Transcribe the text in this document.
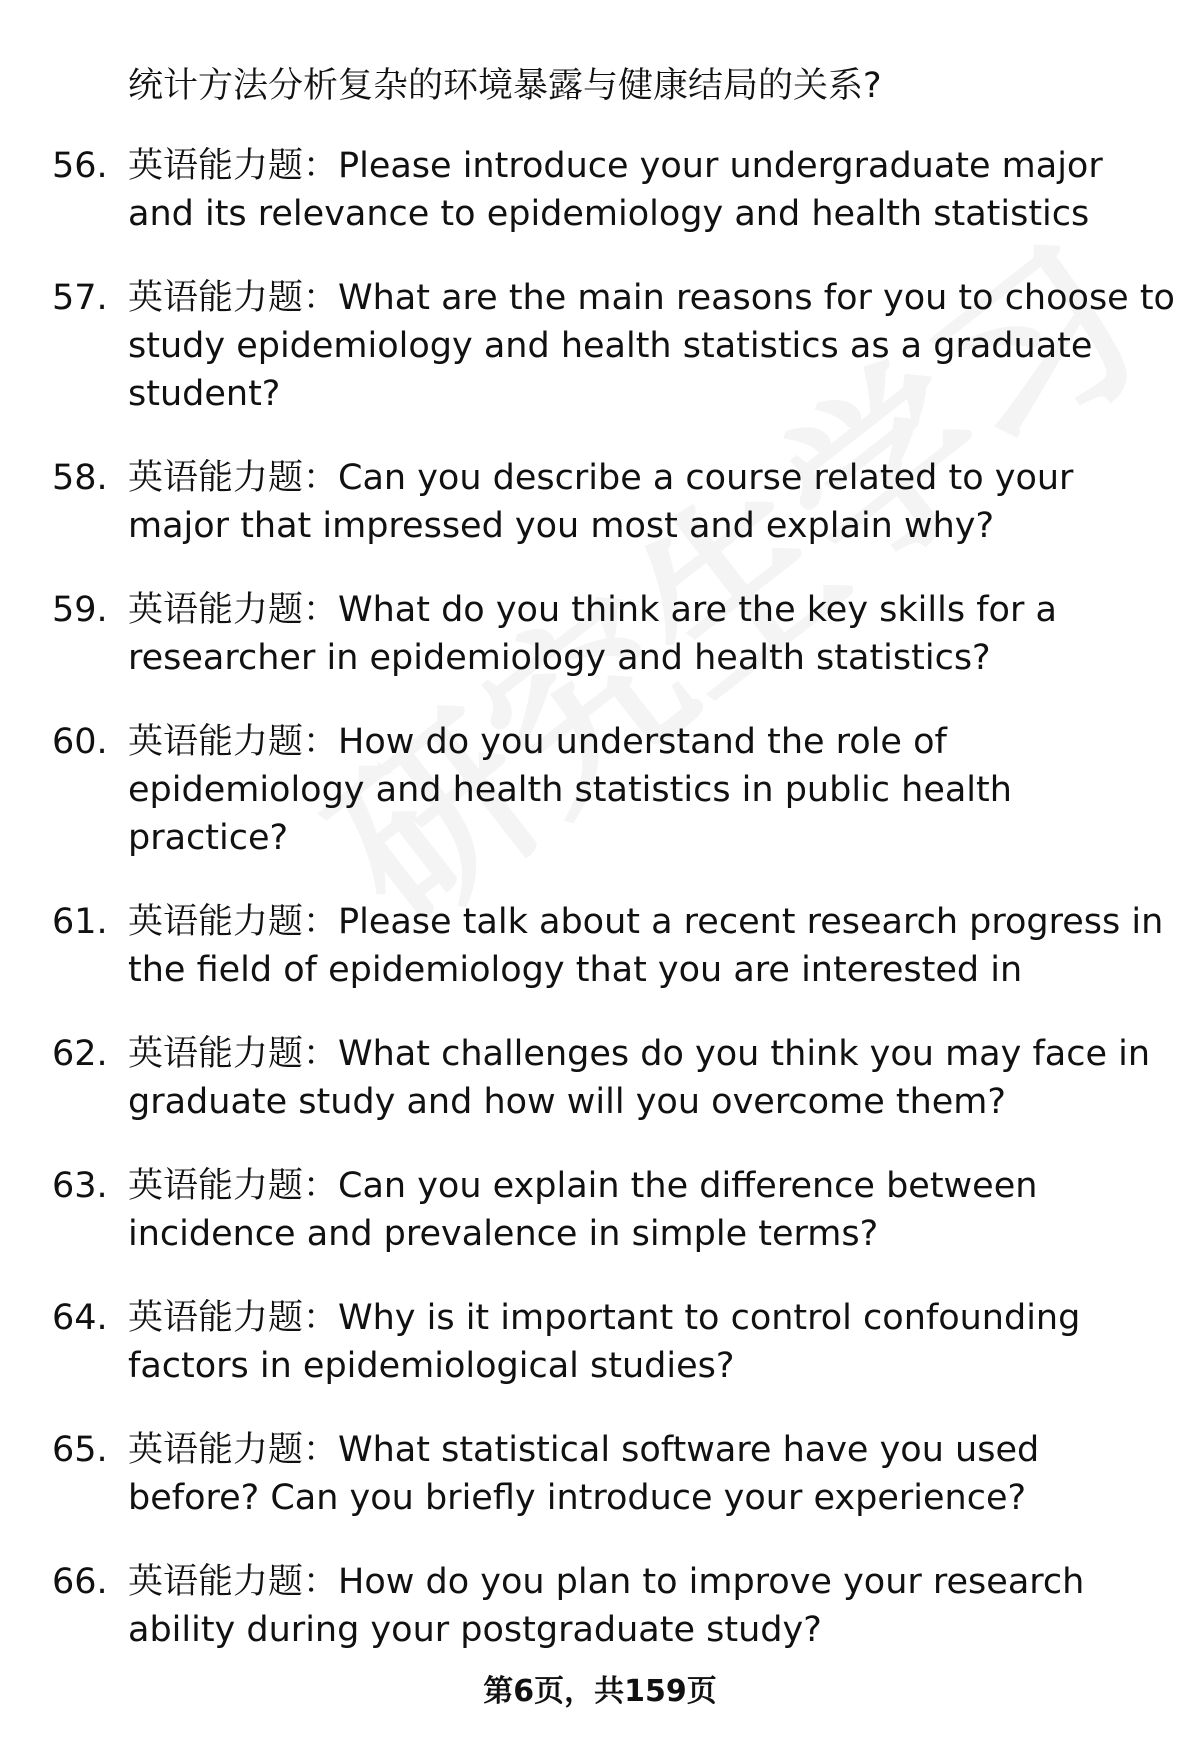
统计方法分析复杂的环境暴露与健康结局的关系?
56. 英语能力题：Please introduce your undergraduate major and its relevance to epidemiology and health statistics
57. 英语能力题：What are the main reasons for you to choose to study epidemiology and health statistics as a graduate student?
58. 英语能力题：Can you describe a course related to your major that impressed you most and explain why?
59. 英语能力题：What do you think are the key skills for a researcher in epidemiology and health statistics?
60. 英语能力题：How do you understand the role of epidemiology and health statistics in public health practice?
61. 英语能力题：Please talk about a recent research progress in the field of epidemiology that you are interested in
62. 英语能力题：What challenges do you think you may face in graduate study and how will you overcome them?
63. 英语能力题：Can you explain the difference between incidence and prevalence in simple terms?
64. 英语能力题：Why is it important to control confounding factors in epidemiological studies?
65. 英语能力题：What statistical software have you used before? Can you briefly introduce your experience?
66. 英语能力题：How do you plan to improve your research ability during your postgraduate study?
第6页，共159页
